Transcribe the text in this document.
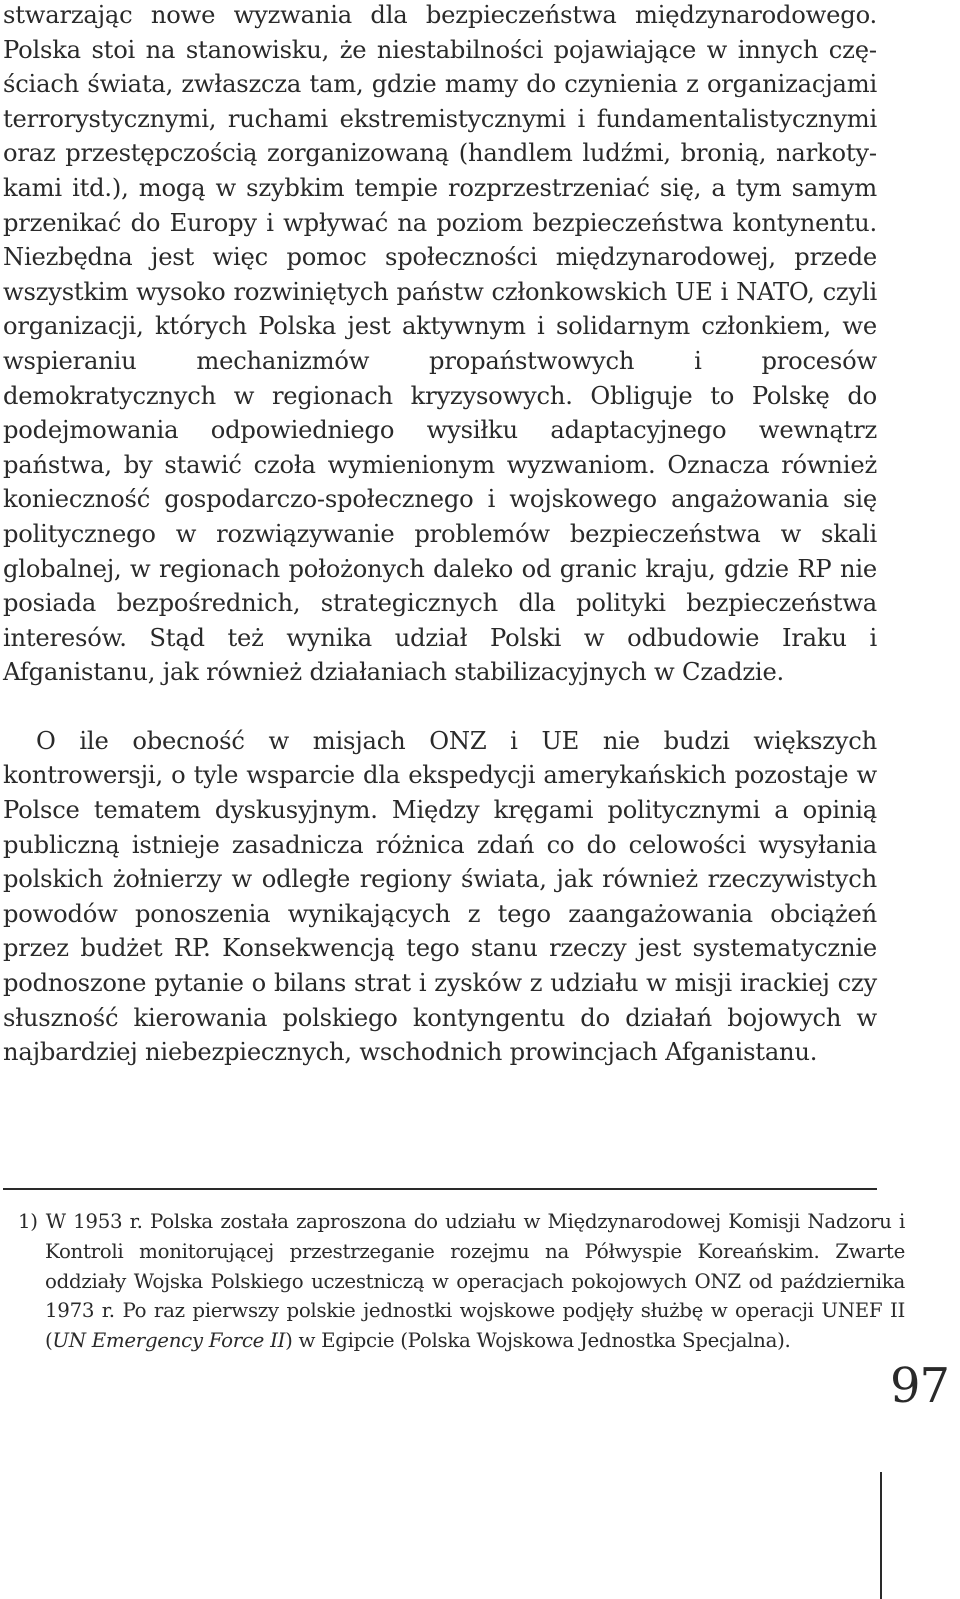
stwarzając nowe wyzwania dla bezpieczeństwa międzynarodowego. Polska stoi na stanowisku, że niestabilności pojawiające w innych częściach świata, zwłaszcza tam, gdzie mamy do czynienia z organizacjami terrorystycznymi, ruchami ekstremistycznymi i fundamentalistycznymi oraz przestępczością zorganizowaną (handlem ludźmi, bronią, narkotykami itd.), mogą w szybkim tempie rozprzestrzeniać się, a tym samym przenikać do Europy i wpływać na poziom bezpieczeństwa kontynentu. Niezbędna jest więc pomoc społeczności międzynarodowej, przede wszystkim wysoko rozwiniętych państw członkowskich UE i NATO, czyli organizacji, których Polska jest aktywnym i solidarnym członkiem, we wspieraniu mechanizmów propaństwowych i procesów demokratycznych w regionach kryzysowych. Obliguje to Polskę do podejmowania odpowiedniego wysiłku adaptacyjnego wewnątrz państwa, by stawić czoła wymienionym wyzwaniom. Oznacza również konieczność gospodarczo-społecznego i wojskowego angażowania się politycznego w rozwiązywanie problemów bezpieczeństwa w skali globalnej, w regionach położonych daleko od granic kraju, gdzie RP nie posiada bezpośrednich, strategicznych dla polityki bezpieczeństwa interesów. Stąd też wynika udział Polski w odbudowie Iraku i Afganistanu, jak również działaniach stabilizacyjnych w Czadzie.

O ile obecność w misjach ONZ i UE nie budzi większych kontrowersji, o tyle wsparcie dla ekspedycji amerykańskich pozostaje w Polsce tematem dyskusyjnym. Między kręgami politycznymi a opinią publiczną istnieje zasadnicza różnica zdań co do celowości wysyłania polskich żołnierzy w odległe regiony świata, jak również rzeczywistych powodów ponoszenia wynikających z tego zaangażowania obciążeń przez budżet RP. Konsekwencją tego stanu rzeczy jest systematycznie podnoszone pytanie o bilans strat i zysków z udziału w misji irackiej czy słuszność kierowania polskiego kontyngentu do działań bojowych w najbardziej niebezpiecznych, wschodnich prowincjach Afganistanu.

1) W 1953 r. Polska została zaproszona do udziału w Międzynarodowej Komisji Nadzoru i Kontroli monitorującej przestrzeganie rozejmu na Półwyspie Koreańskim. Zwarte oddziały Wojska Polskiego uczestniczą w operacjach pokojowych ONZ od października 1973 r. Po raz pierwszy polskie jednostki wojskowe podjęły służbę w operacji UNEF II (UN Emergency Force II) w Egipcie (Polska Wojskowa Jednostka Specjalna).
97
